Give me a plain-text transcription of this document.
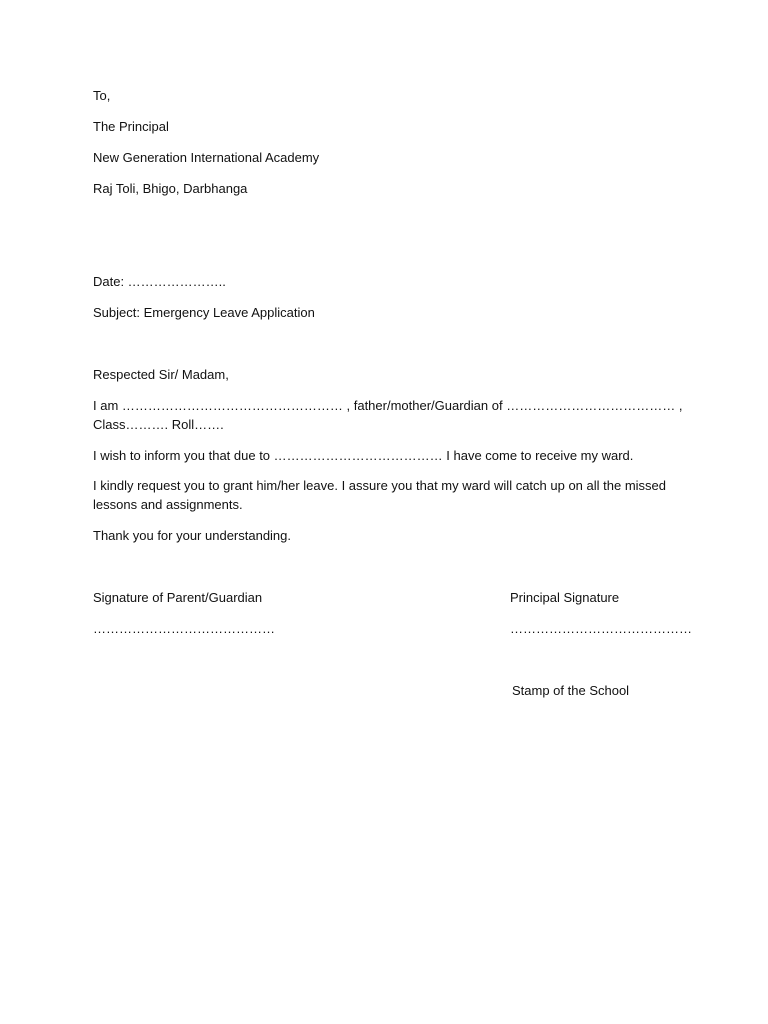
To,
The Principal
New Generation International Academy
Raj Toli, Bhigo, Darbhanga
Date: …………………..
Subject: Emergency Leave Application
Respected Sir/ Madam,
I am …………………………………………… , father/mother/Guardian of ………………………………… ,
Class………. Roll…….
I wish to inform you that due to ………………………………… I have come to receive my ward.
I kindly request you to grant him/her leave. I assure you that my ward will catch up on all the missed lessons and assignments.
Thank you for your understanding.
Signature of Parent/Guardian
……………………………………
Principal Signature
……………………………………
Stamp of the School
